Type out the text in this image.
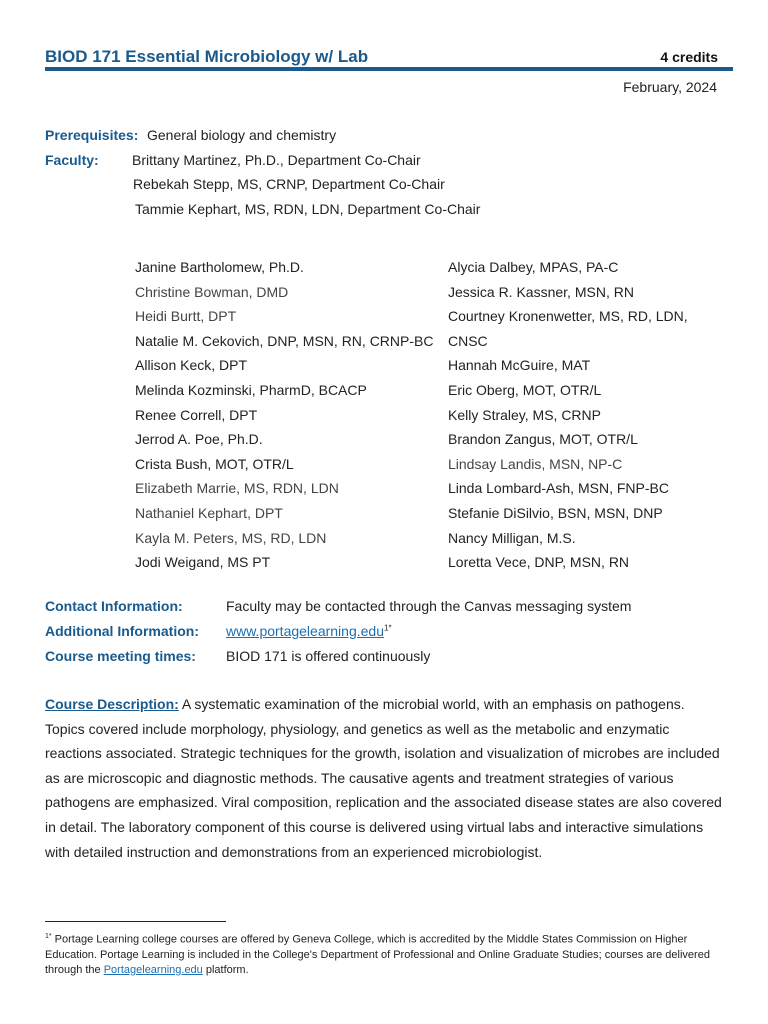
BIOD 171 Essential Microbiology w/ Lab	4 credits
February, 2024
Prerequisites: General biology and chemistry
Faculty: Brittany Martinez, Ph.D., Department Co-Chair
Rebekah Stepp, MS, CRNP, Department Co-Chair
Tammie Kephart, MS, RDN, LDN, Department Co-Chair
Janine Bartholomew, Ph.D.
Christine Bowman, DMD
Heidi Burtt, DPT
Natalie M. Cekovich, DNP, MSN, RN, CRNP-BC
Allison Keck, DPT
Melinda Kozminski, PharmD, BCACP
Renee Correll, DPT
Jerrod A. Poe, Ph.D.
Crista Bush, MOT, OTR/L
Elizabeth Marrie, MS, RDN, LDN
Nathaniel Kephart, DPT
Kayla M. Peters, MS, RD, LDN
Jodi Weigand, MS PT
Alycia Dalbey, MPAS, PA-C
Jessica R. Kassner, MSN, RN
Courtney Kronenwetter, MS, RD, LDN,
CNSC
Hannah McGuire, MAT
Eric Oberg, MOT, OTR/L
Kelly Straley, MS, CRNP
Brandon Zangus, MOT, OTR/L
Lindsay Landis, MSN, NP-C
Linda Lombard-Ash, MSN, FNP-BC
Stefanie DiSilvio, BSN, MSN, DNP
Nancy Milligan, M.S.
Loretta Vece, DNP, MSN, RN
Contact Information:	Faculty may be contacted through the Canvas messaging system
Additional Information: www.portagelearning.edu$^{1*}$
Course meeting times: BIOD 171 is offered continuously
Course Description: A systematic examination of the microbial world, with an emphasis on pathogens. Topics covered include morphology, physiology, and genetics as well as the metabolic and enzymatic reactions associated. Strategic techniques for the growth, isolation and visualization of microbes are included as are microscopic and diagnostic methods. The causative agents and treatment strategies of various pathogens are emphasized. Viral composition, replication and the associated disease states are also covered in detail. The laboratory component of this course is delivered using virtual labs and interactive simulations with detailed instruction and demonstrations from an experienced microbiologist.
$^{1*}$ Portage Learning college courses are offered by Geneva College, which is accredited by the Middle States Commission on Higher Education. Portage Learning is included in the College's Department of Professional and Online Graduate Studies; courses are delivered through the Portagelearning.edu platform.
